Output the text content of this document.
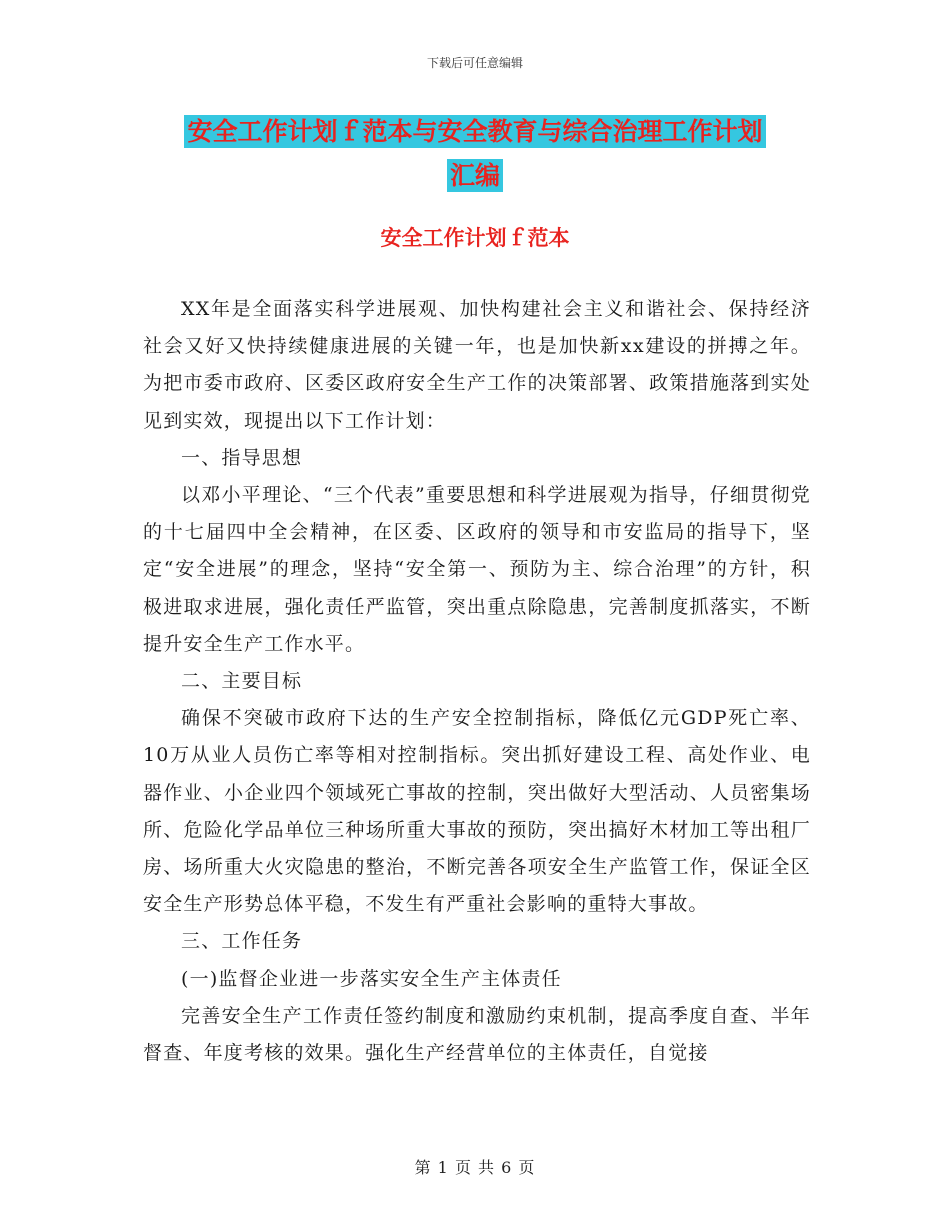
下载后可任意编辑
安全工作计划ｆ范本与安全教育与综合治理工作计划
汇编
安全工作计划ｆ范本

XX年是全面落实科学进展观、加快构建社会主义和谐社会、保持经济社会又好又快持续健康进展的关键一年，也是加快新xx建设的拼搏之年。为把市委市政府、区委区政府安全生产工作的决策部署、政策措施落到实处见到实效，现提出以下工作计划：

一、指导思想

以邓小平理论、“三个代表”重要思想和科学进展观为指导，仔细贯彻党的十七届四中全会精神，在区委、区政府的领导和市安监局的指导下，坚定“安全进展”的理念，坚持“安全第一、预防为主、综合治理”的方针，积极进取求进展，强化责任严监管，突出重点除隐患，完善制度抓落实，不断提升安全生产工作水平。

二、主要目标

确保不突破市政府下达的生产安全控制指标，降低亿元GDP死亡率、10万从业人员伤亡率等相对控制指标。突出抓好建设工程、高处作业、电器作业、小企业四个领域死亡事故的控制，突出做好大型活动、人员密集场所、危险化学品单位三种场所重大事故的预防，突出搞好木材加工等出租厂房、场所重大火灾隐患的整治，不断完善各项安全生产监管工作，保证全区安全生产形势总体平稳，不发生有严重社会影响的重特大事故。

三、工作任务

(一)监督企业进一步落实安全生产主体责任

完善安全生产工作责任签约制度和激励约束机制，提高季度自查、半年督查、年度考核的效果。强化生产经营单位的主体责任，自觉接

第 1 页 共 6 页
